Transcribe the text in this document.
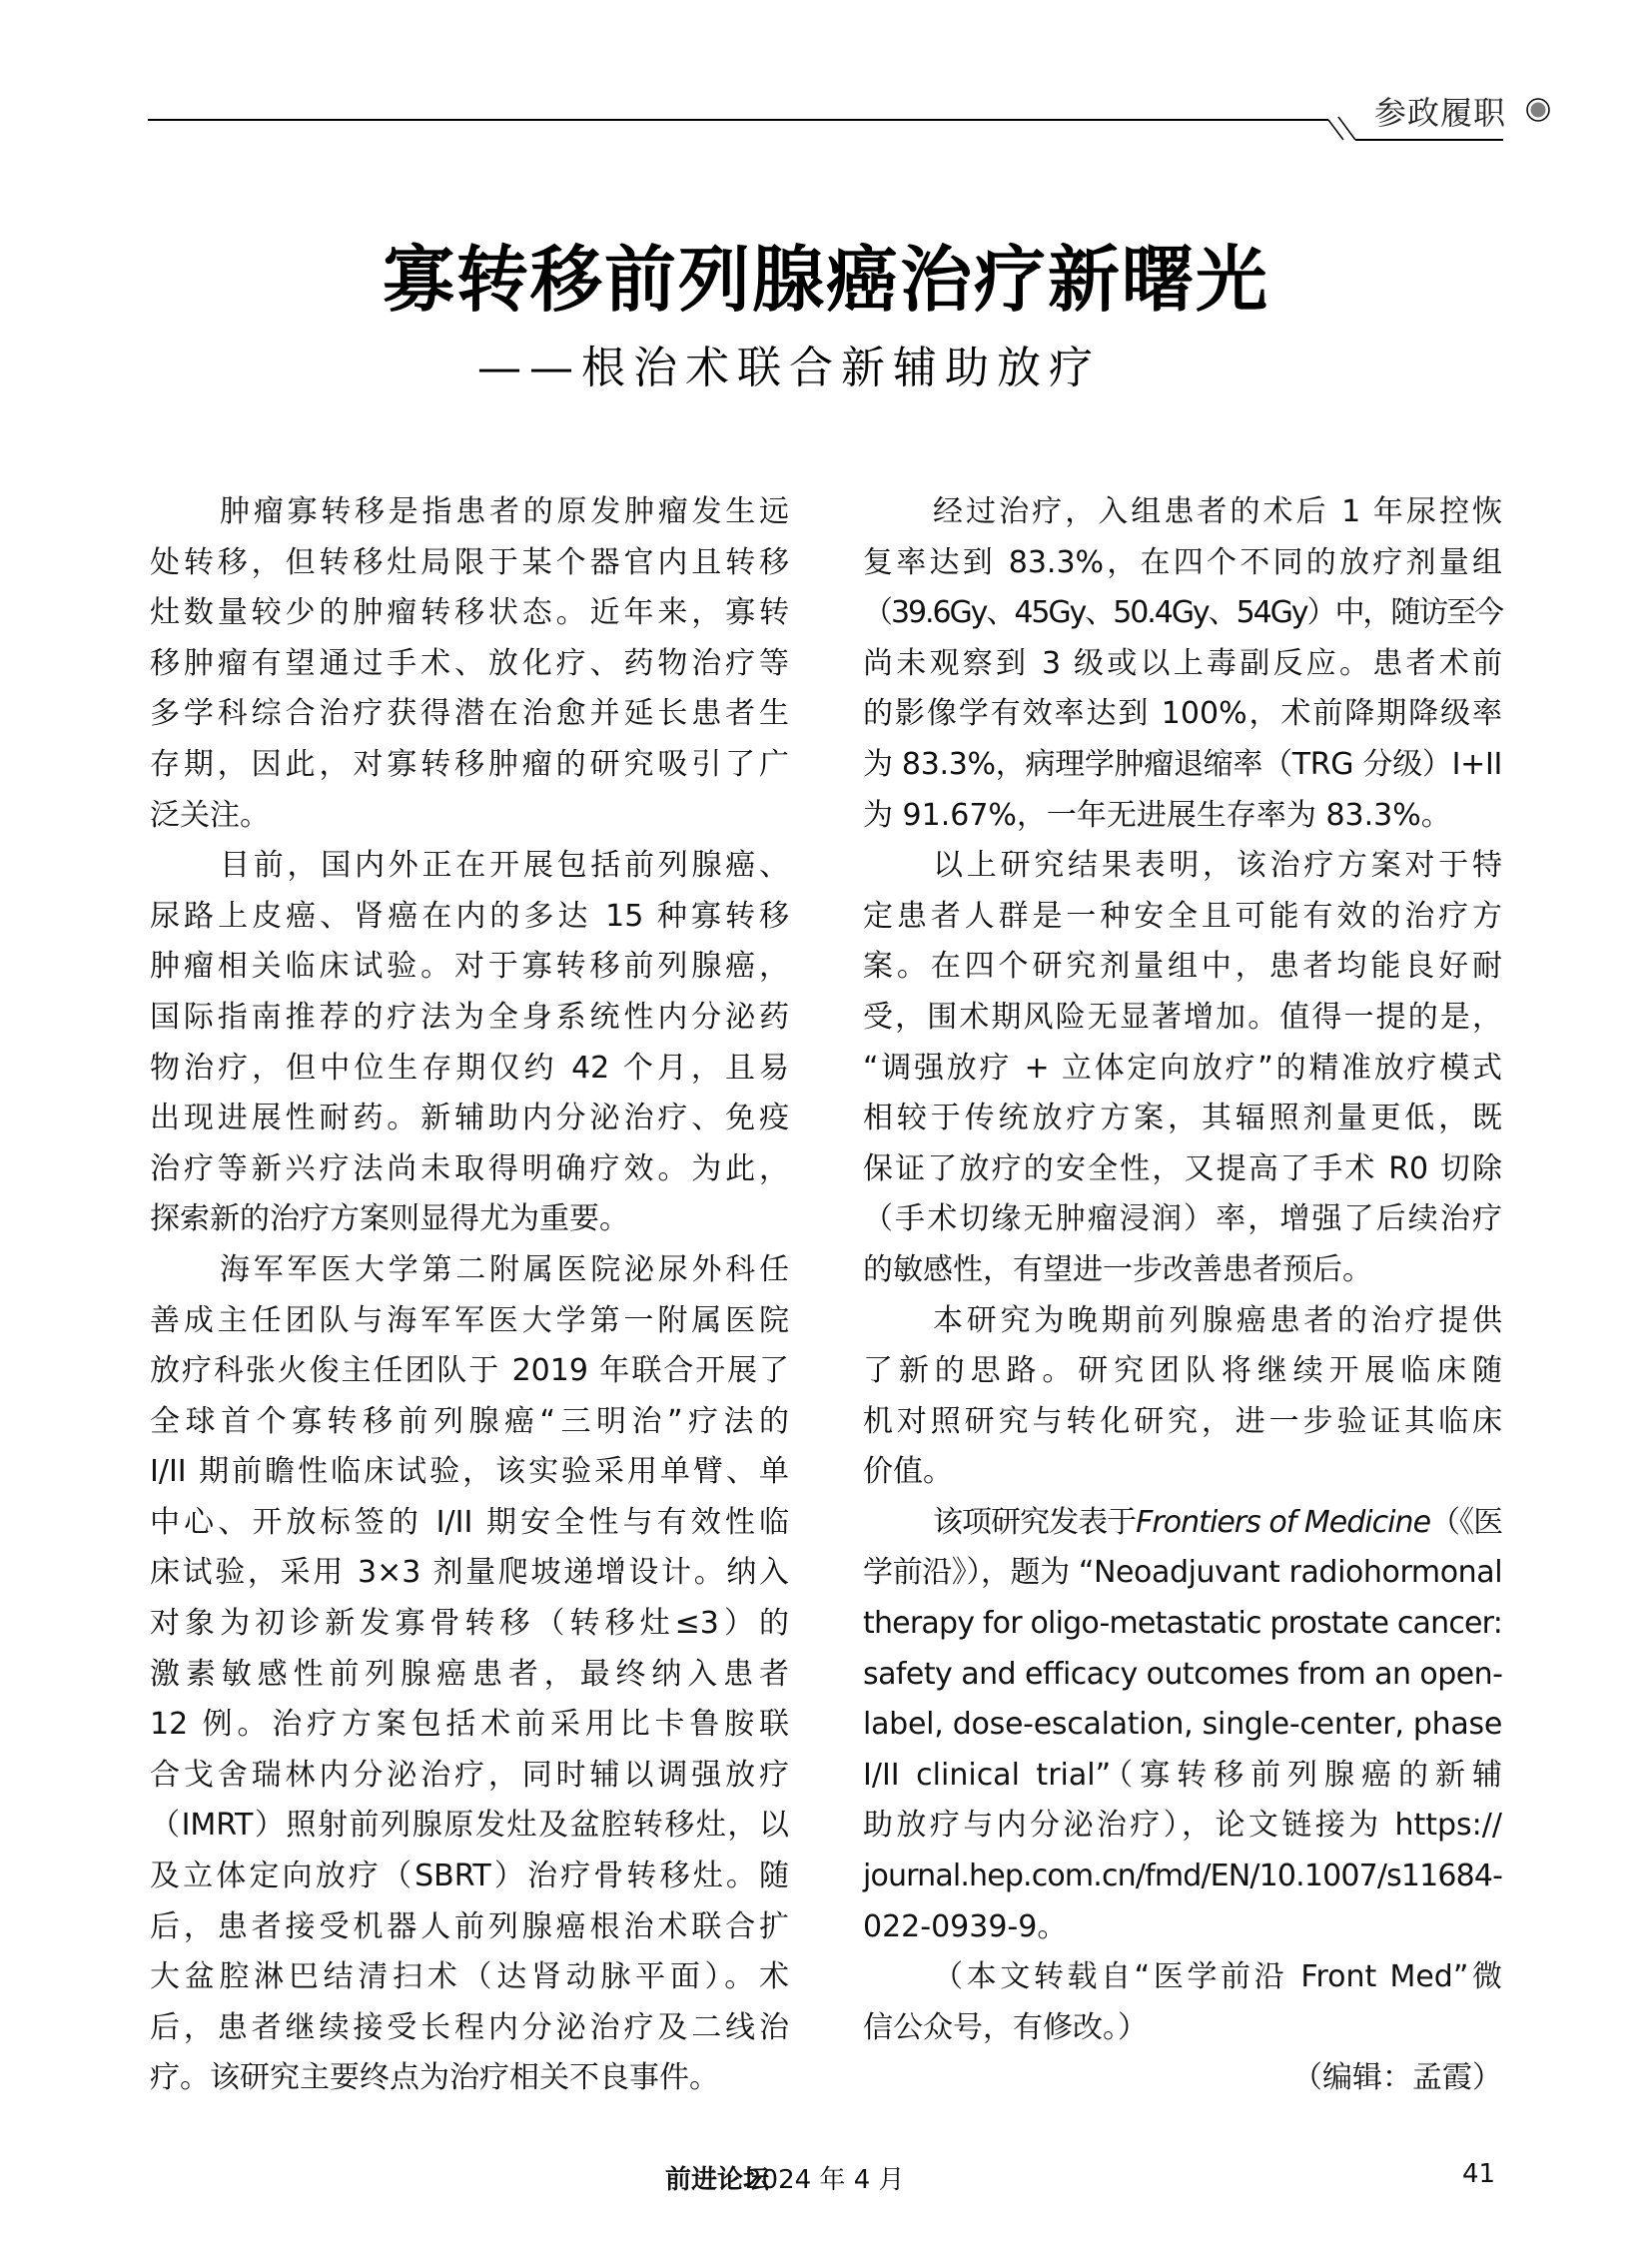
参政履职
寡转移前列腺癌治疗新曙光
——根治术联合新辅助放疗
肿瘤寡转移是指患者的原发肿瘤发生远
处转移，但转移灶局限于某个器官内且转移
灶数量较少的肿瘤转移状态。近年来，寡转
移肿瘤有望通过手术、放化疗、药物治疗等
多学科综合治疗获得潜在治愈并延长患者生
存期，因此，对寡转移肿瘤的研究吸引了广
泛关注。
目前，国内外正在开展包括前列腺癌、
尿路上皮癌、肾癌在内的多达 15 种寡转移
肿瘤相关临床试验。对于寡转移前列腺癌，
国际指南推荐的疗法为全身系统性内分泌药
物治疗，但中位生存期仅约 42 个月，且易
出现进展性耐药。新辅助内分泌治疗、免疫
治疗等新兴疗法尚未取得明确疗效。为此，
探索新的治疗方案则显得尤为重要。
海军军医大学第二附属医院泌尿外科任
善成主任团队与海军军医大学第一附属医院
放疗科张火俊主任团队于 2019 年联合开展了
全球首个寡转移前列腺癌“三明治”疗法的
I/II 期前瞻性临床试验，该实验采用单臂、单
中心、开放标签的 I/II 期安全性与有效性临
床试验，采用 3×3 剂量爬坡递增设计。纳入
对象为初诊新发寡骨转移（转移灶≤3）的
激素敏感性前列腺癌患者，最终纳入患者
12 例。治疗方案包括术前采用比卡鲁胺联
合戈舍瑞林内分泌治疗，同时辅以调强放疗
（IMRT）照射前列腺原发灶及盆腔转移灶，以
及立体定向放疗（SBRT）治疗骨转移灶。随
后，患者接受机器人前列腺癌根治术联合扩
大盆腔淋巴结清扫术（达肾动脉平面）。术
后，患者继续接受长程内分泌治疗及二线治
疗。该研究主要终点为治疗相关不良事件。
经过治疗，入组患者的术后 1 年尿控恢
复率达到 83.3%，在四个不同的放疗剂量组
（39.6Gy、45Gy、50.4Gy、54Gy）中，随访至今
尚未观察到 3 级或以上毒副反应。患者术前
的影像学有效率达到 100%，术前降期降级率
为 83.3%，病理学肿瘤退缩率（TRG 分级）I+II
为 91.67%，一年无进展生存率为 83.3%。
以上研究结果表明，该治疗方案对于特
定患者人群是一种安全且可能有效的治疗方
案。在四个研究剂量组中，患者均能良好耐
受，围术期风险无显著增加。值得一提的是，
“调强放疗 + 立体定向放疗”的精准放疗模式
相较于传统放疗方案，其辐照剂量更低，既
保证了放疗的安全性，又提高了手术 R0 切除
（手术切缘无肿瘤浸润）率，增强了后续治疗
的敏感性，有望进一步改善患者预后。
本研究为晚期前列腺癌患者的治疗提供
了新的思路。研究团队将继续开展临床随
机对照研究与转化研究，进一步验证其临床
价值。
该项研究发表于Frontiers of Medicine（《医
学前沿》），题为 “Neoadjuvant radiohormonal
therapy for oligo-metastatic prostate cancer:
safety and efficacy outcomes from an open-
label, dose-escalation, single-center, phase
I/II clinical trial”（寡转移前列腺癌的新辅
助放疗与内分泌治疗），论文链接为 https://
journal.hep.com.cn/fmd/EN/10.1007/s11684-
022-0939-9。
（本文转载自“医学前沿 Front Med”微
信公众号，有修改。）
（编辑：孟霞）
前进论坛
2024 年 4 月	41
